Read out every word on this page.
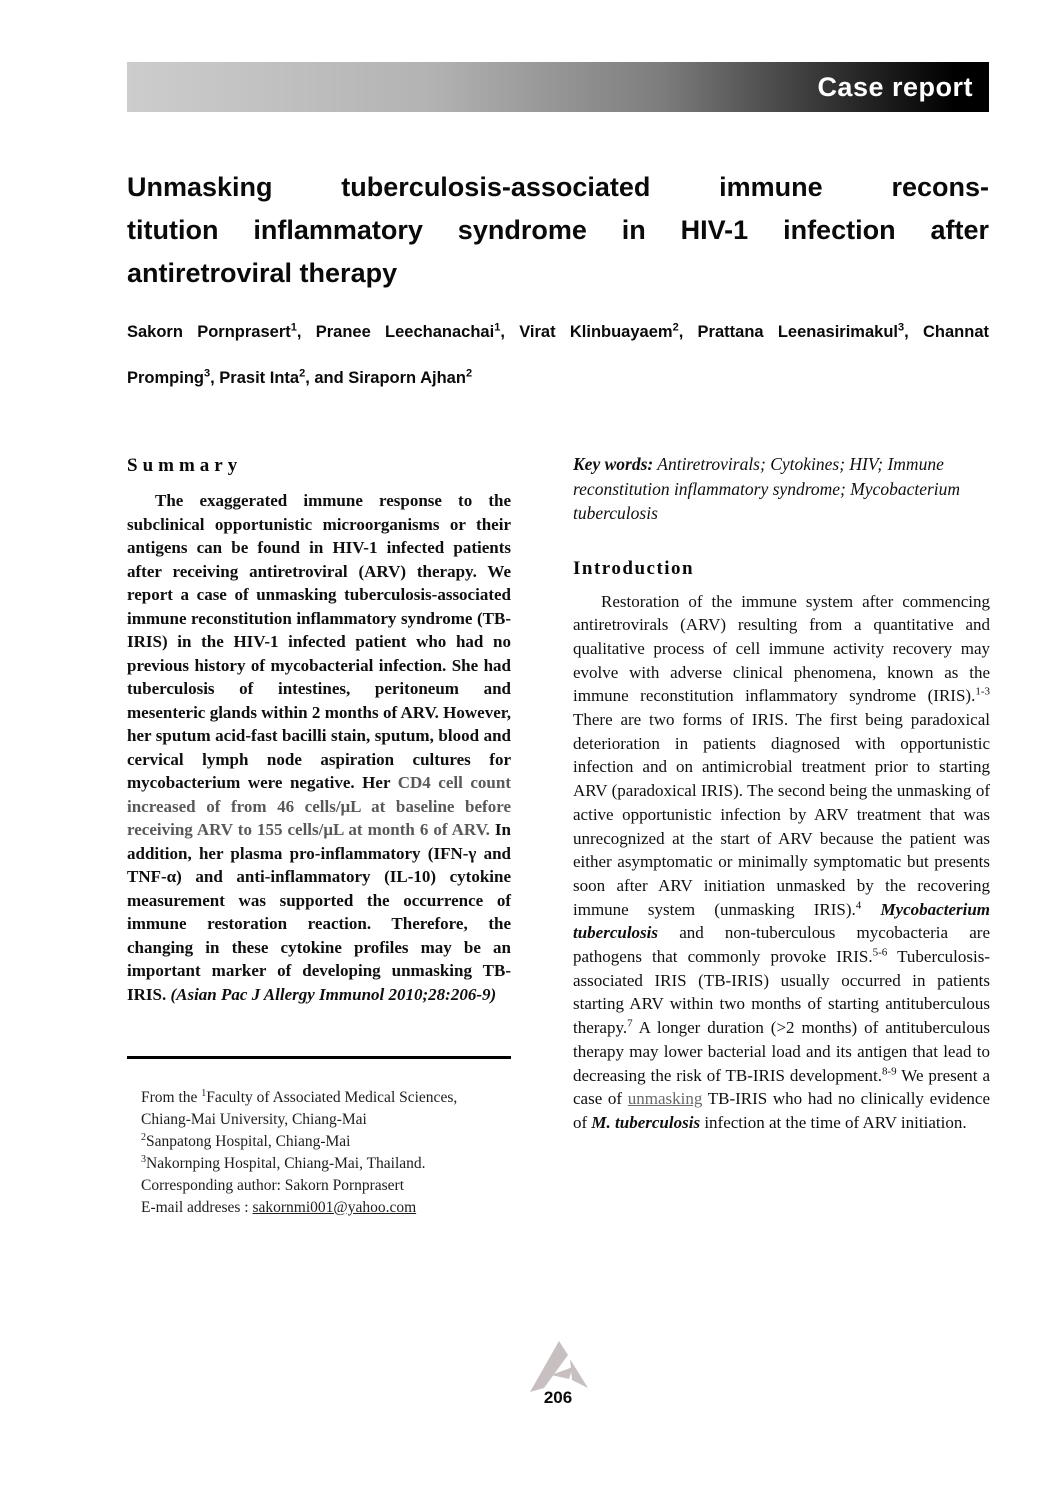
Case report
Unmasking tuberculosis-associated immune recons-
titution inflammatory syndrome in HIV-1 infection after
antiretroviral therapy
Sakorn Pornprasert$^1$, Pranee Leechanachai$^1$, Virat Klinbuayaem$^2$, Prattana Leenasirimakul$^3$, Channat
Promping$^3$, Prasit Inta$^2$, and Siraporn Ajhan$^2$
Summary

The exaggerated immune response to the subclinical opportunistic microorganisms or their antigens can be found in HIV-1 infected patients after receiving antiretroviral (ARV) therapy. We report a case of unmasking tuberculosis-associated immune reconstitution inflammatory syndrome (TB-IRIS) in the HIV-1 infected patient who had no previous history of mycobacterial infection. She had tuberculosis of intestines, peritoneum and mesenteric glands within 2 months of ARV. However, her sputum acid-fast bacilli stain, sputum, blood and cervical lymph node aspiration cultures for mycobacterium were negative. Her CD4 cell count increased of from 46 cells/μL at baseline before receiving ARV to 155 cells/μL at month 6 of ARV. In addition, her plasma pro-inflammatory (IFN-γ and TNF-α) and anti-inflammatory (IL-10) cytokine measurement was supported the occurrence of immune restoration reaction. Therefore, the changing in these cytokine profiles may be an important marker of developing unmasking TB-IRIS. (Asian Pac J Allergy Immunol 2010;28:206-9)

From the $^1$Faculty of Associated Medical Sciences, Chiang-Mai University, Chiang-Mai
$^2$Sanpatong Hospital, Chiang-Mai
$^3$Nakornping Hospital, Chiang-Mai, Thailand.
Corresponding author: Sakorn Pornprasert
E-mail addreses : sakornmi001@yahoo.com

Key words: Antiretrovirals; Cytokines; HIV; Immune reconstitution inflammatory syndrome; Mycobacterium tuberculosis

Introduction

Restoration of the immune system after commencing antiretrovirals (ARV) resulting from a quantitative and qualitative process of cell immune activity recovery may evolve with adverse clinical phenomena, known as the immune reconstitution inflammatory syndrome (IRIS).$^{1-3}$ There are two forms of IRIS. The first being paradoxical deterioration in patients diagnosed with opportunistic infection and on antimicrobial treatment prior to starting ARV (paradoxical IRIS). The second being the unmasking of active opportunistic infection by ARV treatment that was unrecognized at the start of ARV because the patient was either asymptomatic or minimally symptomatic but presents soon after ARV initiation unmasked by the recovering immune system (unmasking IRIS).$^4$ Mycobacterium tuberculosis and non-tuberculous mycobacteria are pathogens that commonly provoke IRIS.$^{5-6}$ Tuberculosis-associated IRIS (TB-IRIS) usually occurred in patients starting ARV within two months of starting antituberculous therapy.$^7$ A longer duration (>2 months) of antituberculous therapy may lower bacterial load and its antigen that lead to decreasing the risk of TB-IRIS development.$^{8-9}$ We present a case of unmasking TB-IRIS who had no clinically evidence of M. tuberculosis infection at the time of ARV initiation.

206
